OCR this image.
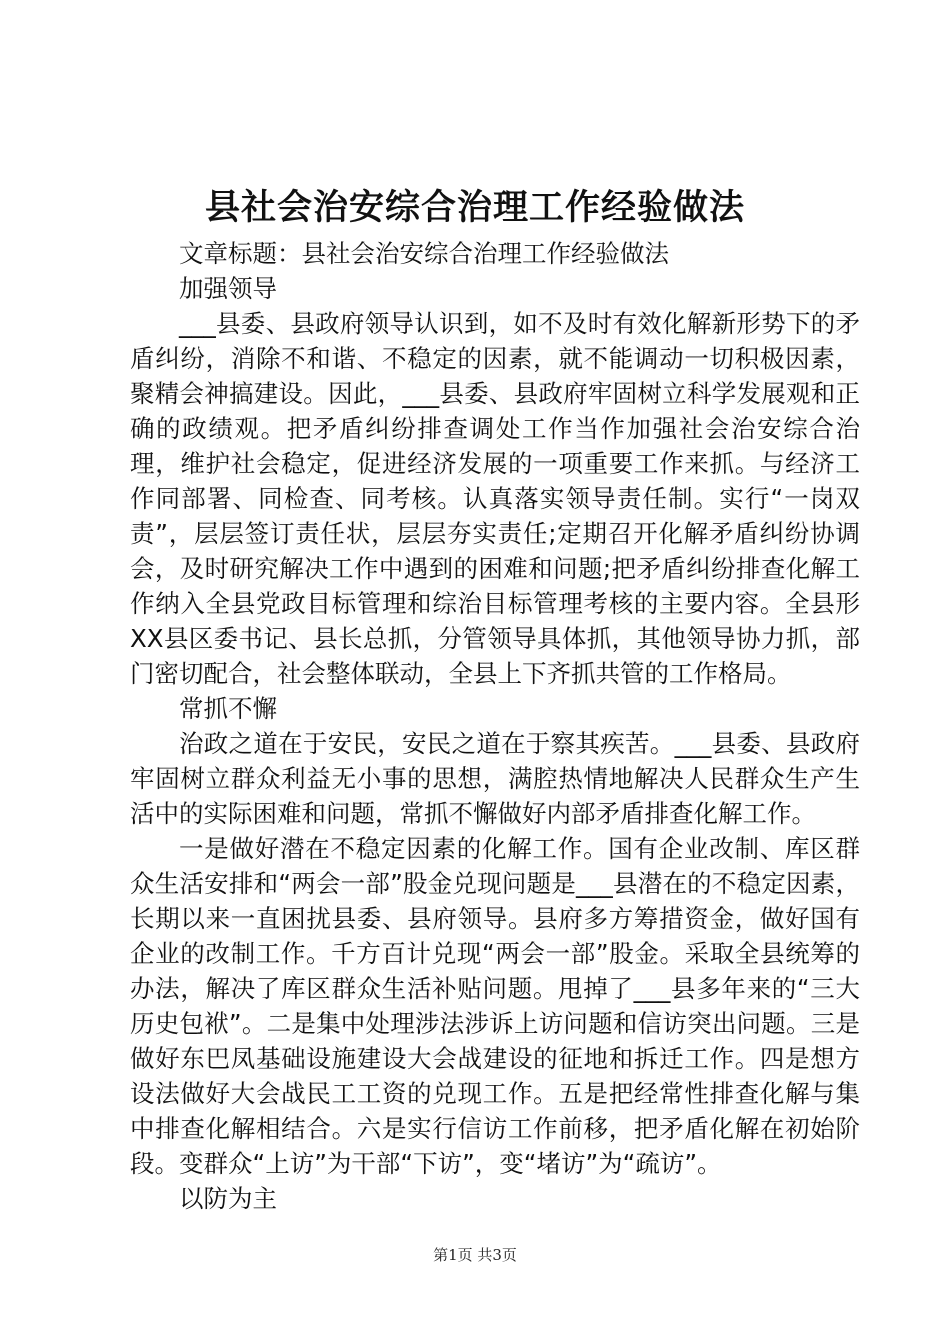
县社会治安综合治理工作经验做法

文章标题：县社会治安综合治理工作经验做法

加强领导

___县委、县政府领导认识到，如不及时有效化解新形势下的矛盾纠纷，消除不和谐、不稳定的因素，就不能调动一切积极因素，聚精会神搞建设。因此，___县委、县政府牢固树立科学发展观和正确的政绩观。把矛盾纠纷排查调处工作当作加强社会治安综合治理，维护社会稳定，促进经济发展的一项重要工作来抓。与经济工作同部署、同检查、同考核。认真落实领导责任制。实行“一岗双责”，层层签订责任状，层层夯实责任;定期召开化解矛盾纠纷协调会，及时研究解决工作中遇到的困难和问题;把矛盾纠纷排查化解工作纳入全县党政目标管理和综治目标管理考核的主要内容。全县形XX县区委书记、县长总抓，分管领导具体抓，其他领导协力抓，部门密切配合，社会整体联动，全县上下齐抓共管的工作格局。

常抓不懈

治政之道在于安民，安民之道在于察其疾苦。___县委、县政府牢固树立群众利益无小事的思想，满腔热情地解决人民群众生产生活中的实际困难和问题，常抓不懈做好内部矛盾排查化解工作。

一是做好潜在不稳定因素的化解工作。国有企业改制、库区群众生活安排和“两会一部”股金兑现问题是___县潜在的不稳定因素，长期以来一直困扰县委、县府领导。县府多方筹措资金，做好国有企业的改制工作。千方百计兑现“两会一部”股金。采取全县统筹的办法，解决了库区群众生活补贴问题。甩掉了___县多年来的“三大历史包袱”。二是集中处理涉法涉诉上访问题和信访突出问题。三是做好东巴凤基础设施建设大会战建设的征地和拆迁工作。四是想方设法做好大会战民工工资的兑现工作。五是把经常性排查化解与集中排查化解相结合。六是实行信访工作前移，把矛盾化解在初始阶段。变群众“上访”为干部“下访”，变“堵访”为“疏访”。

以防为主

第1页 共3页
